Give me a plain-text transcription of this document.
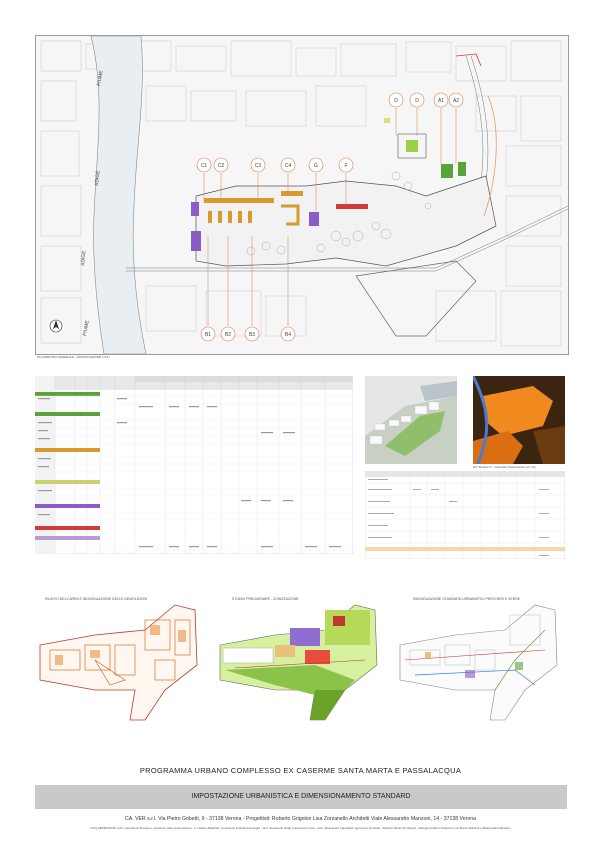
FIUME
ADIGE
ADIGE
FIUME
D	D	A1 A2
C1 C2	C3	C4	G	F
B1	B2	B3	B4
PLANIMETRIA GENERALE - INDIVIDUAZIONE 1:SS I
FAY Tavola di rif. - Carta delle Trasformazioni, per. 7(e)
RILIEVO DELL'AREA E INDIVIDUAZIONE DELLE DEMOLIZIONI	STUDIO PRELIMINARE - ZONIZZAZIONE	INDIVIDUAZIONE STANDARD URBANISTICI PERCORSI E VERDE
PROGRAMMA URBANO COMPLESSO EX CASERME SANTA MARTA E PASSALACQUA
IMPOSTAZIONE URBANISTICA E DIMENSIONAMENTO STANDARD
CA. VER s.r.l. Via Pietro Gobetti, 9 - 37138 Verona - Progettisti: Roberto Grigolon Lisa Zorzanello Architetti Viale Alessandro Manzoni, 14 - 37138 Verona
COLLABORAZIONI: arch. Gerardonio Prospero: operatore nella conservazione - p.i. Mauro Madinelli: consulente impianti tecnologici - arch. Emanuele Scigli: mancianze errore - arch. Alessandro Cappelletti: agronomo forestale - Roberto Pavani Kf disegni - DiSegni di Marco Pastorino con Marco Molinina e Massimiliano Bessaro
